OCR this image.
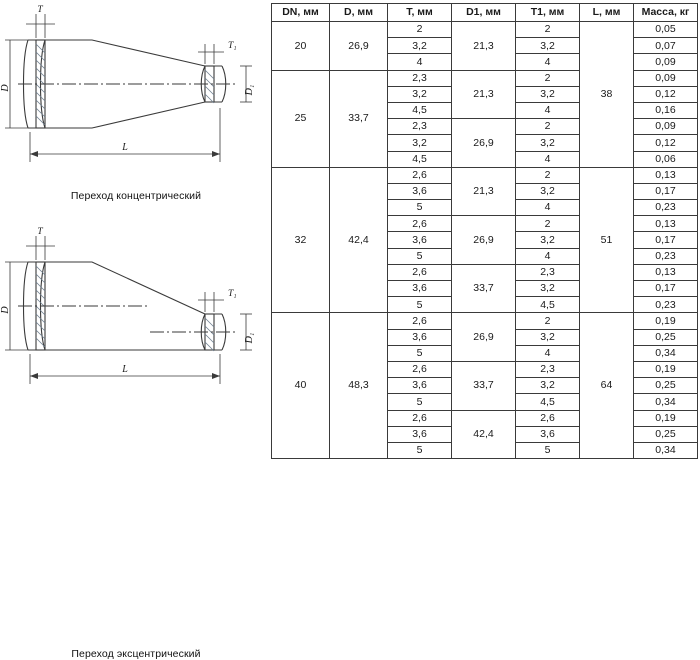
T
T₁
D	D₁
L
Переход концентрический
T
T₁
D
D₁
L
Переход эксцентрический
DN, мм	D, мм	T, мм	D1, мм	T1, мм	L, мм	Масса, кг
20	26,9	2	21,3	2	38	0,05
		3,2		3,2		0,07
		4		4		0,09
25	33,7	2,3	21,3	2		0,09
		3,2		3,2		0,12
		4,5		4		0,16
		2,3	26,9	2		0,09
		3,2		3,2		0,12
		4,5		4		0,06
32	42,4	2,6	21,3	2	51	0,13
		3,6		3,2		0,17
		5		4		0,23
		2,6	26,9	2		0,13
		3,6		3,2		0,17
		5		4		0,23
		2,6	33,7	2,3		0,13
		3,6		3,2		0,17
		5		4,5		0,23
40	48,3	2,6	26,9	2	64	0,19
		3,6		3,2		0,25
		5		4		0,34
		2,6	33,7	2,3		0,19
		3,6		3,2		0,25
		5		4,5		0,34
		2,6	42,4	2,6		0,19
		3,6		3,6		0,25
		5		5		0,34
